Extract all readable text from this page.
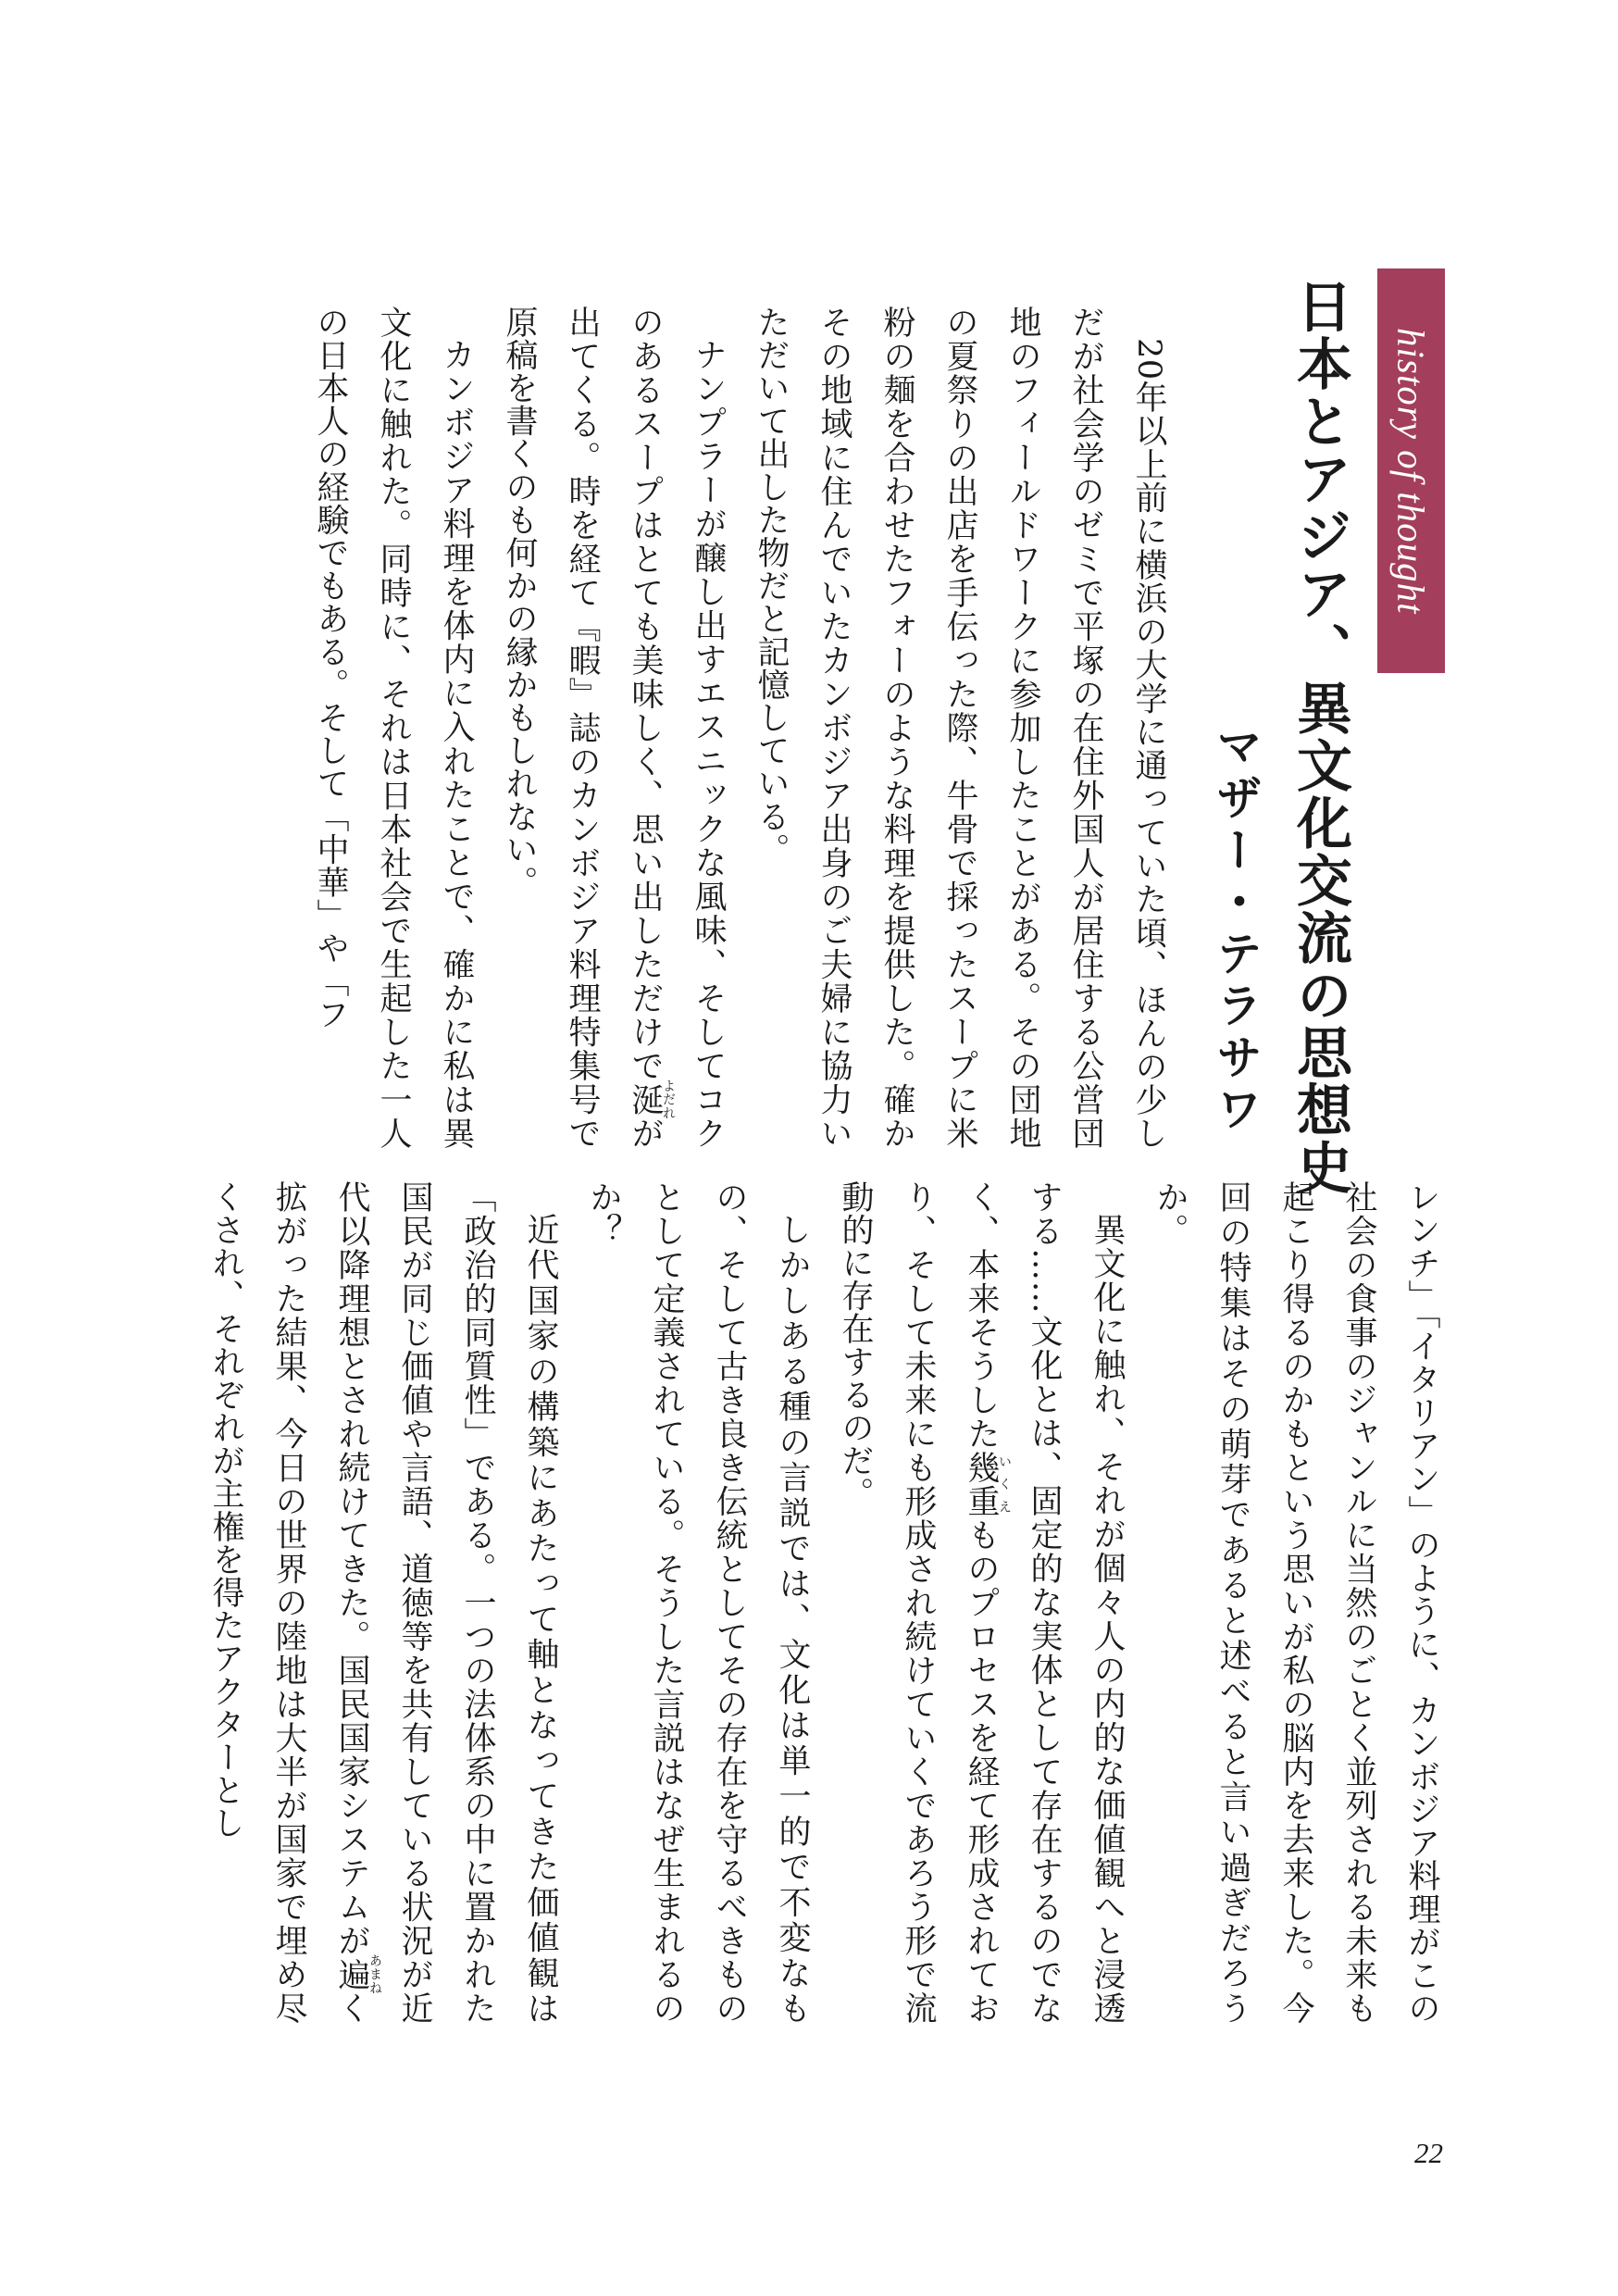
history of thought
日本とアジア、異文化交流の思想史
マザー・テラサワ

20年以上前に横浜の大学に通っていた頃、ほんの少しだが社会学のゼミで平塚の在住外国人が居住する公営団地のフィールドワークに参加したことがある。その団地の夏祭りの出店を手伝った際、牛骨で採ったスープに米粉の麺を合わせたフォーのような料理を提供した。確かその地域に住んでいたカンボジア出身のご夫婦に協力いただいて出した物だと記憶している。

ナンプラーが醸し出すエスニックな風味、そしてコクのあるスープはとても美味しく、思い出しただけで涎よだれが出てくる。時を経て『暇』誌のカンボジア料理特集号で原稿を書くのも何かの縁かもしれない。

カンボジア料理を体内に入れたことで、確かに私は異文化に触れた。同時に、それは日本社会で生起した一人の日本人の経験でもある。そして「中華」や「フ

レンチ」「イタリアン」のように、カンボジア料理がこの社会の食事のジャンルに当然のごとく並列される未来も起こり得るのかもという思いが私の脳内を去来した。今回の特集はその萌芽であると述べると言い過ぎだろうか。

異文化に触れ、それが個々人の内的な価値観へと浸透する……文化とは、固定的な実体として存在するのでなく、本来そうした幾重いくえものプロセスを経て形成されており、そして未来にも形成され続けていくであろう形で流動的に存在するのだ。

しかしある種の言説では、文化は単一的で不変なもの、そして古き良き伝統としてその存在を守るべきものとして定義されている。そうした言説はなぜ生まれるのか？

近代国家の構築にあたって軸となってきた価値観は「政治的同質性」である。一つの法体系の中に置かれた国民が同じ価値や言語、道徳等を共有している状況が近代以降理想とされ続けてきた。国民国家システムが遍あまねく拡がった結果、今日の世界の陸地は大半が国家で埋め尽くされ、それぞれが主権を得たアクターとし

22
